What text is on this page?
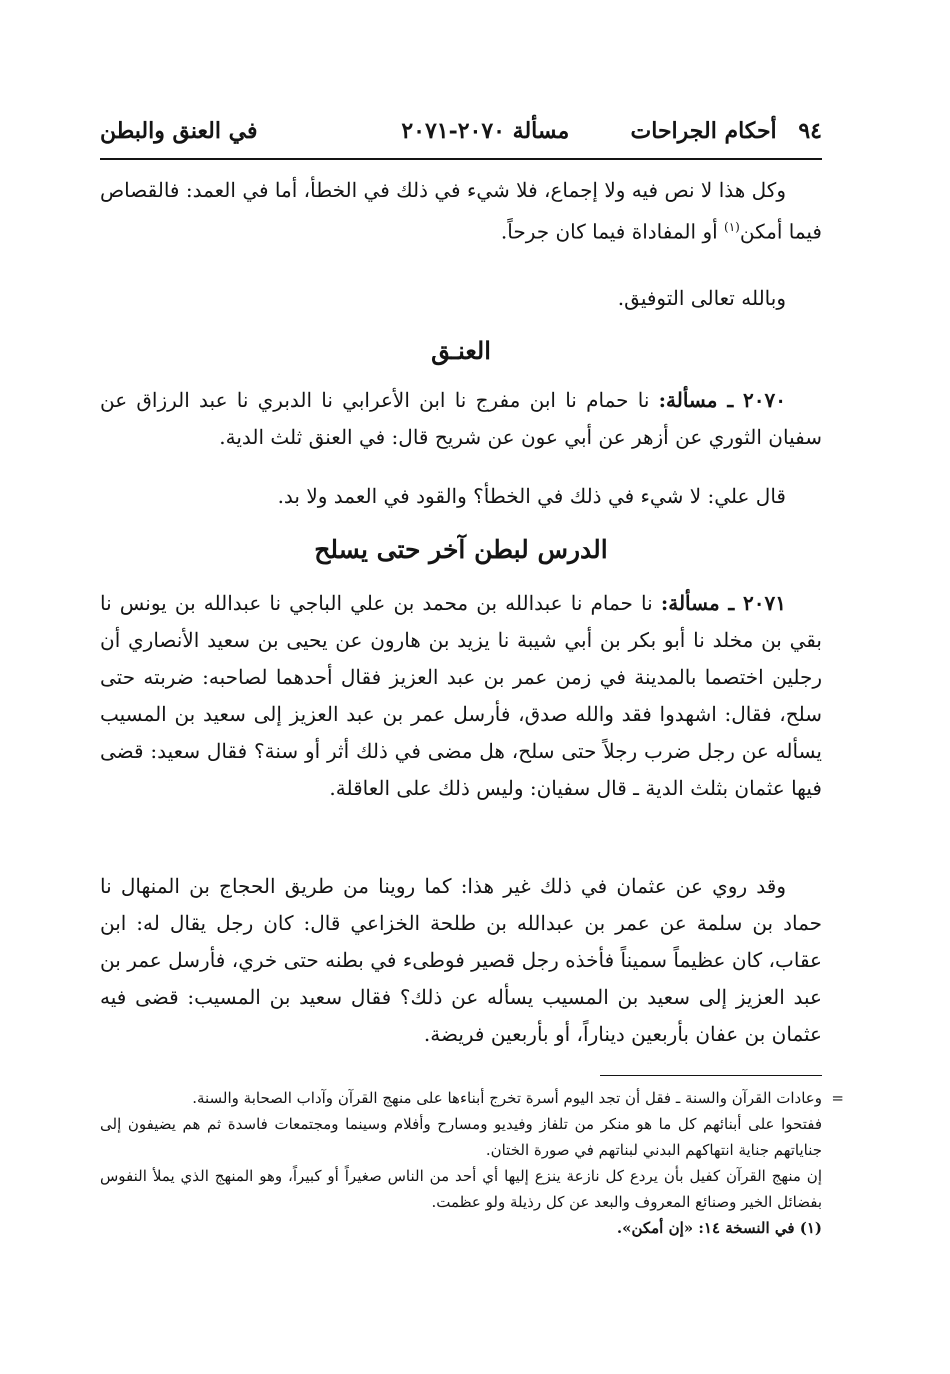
٩٤ أحكام الجراحات        مسألة ٢٠٧٠-٢٠٧١
في العنق والبطن

وكل هذا لا نص فيه ولا إجماع، فلا شيء في ذلك في الخطأ، أما في العمد: فالقصاص فيما أمكن$^{(١)}$ أو المفاداة فيما كان جرحاً.

وبالله تعالى التوفيق.

العنـق

٢٠٧٠ ـ مسألة: نا حمام نا ابن مفرج نا ابن الأعرابي نا الدبري نا عبد الرزاق عن سفيان الثوري عن أزهر عن أبي عون عن شريح قال: في العنق ثلث الدية.

قال علي: لا شيء في ذلك في الخطأ؟ والقود في العمد ولا بد.

الدرس لبطن آخر حتى يسلح

٢٠٧١ ـ مسألة: نا حمام نا عبدالله بن محمد بن علي الباجي نا عبدالله بن يونس نا بقي بن مخلد نا أبو بكر بن أبي شيبة نا يزيد بن هارون عن يحيى بن سعيد الأنصاري أن رجلين اختصما بالمدينة في زمن عمر بن عبد العزيز فقال أحدهما لصاحبه: ضربته حتى سلح، فقال: اشهدوا فقد والله صدق، فأرسل عمر بن عبد العزيز إلى سعيد بن المسيب يسأله عن رجل ضرب رجلاً حتى سلح، هل مضى في ذلك أثر أو سنة؟ فقال سعيد: قضى فيها عثمان بثلث الدية ـ قال سفيان: وليس ذلك على العاقلة.

وقد روي عن عثمان في ذلك غير هذا: كما روينا من طريق الحجاج بن المنهال نا حماد بن سلمة عن عمر بن عبدالله بن طلحة الخزاعي قال: كان رجل يقال له: ابن عقاب، كان عظيماً سميناً فأخذه رجل قصير فوطىء في بطنه حتى خري، فأرسل عمر بن عبد العزيز إلى سعيد بن المسيب يسأله عن ذلك؟ فقال سعيد بن المسيب: قضى فيه عثمان بن عفان بأربعين ديناراً، أو بأربعين فريضة.

=

وعادات القرآن والسنة ـ فقل أن تجد اليوم أسرة تخرج أبناءها على منهج القرآن وآداب الصحابة والسنة.

ففتحوا على أبنائهم كل ما هو منكر من تلفاز وفيديو ومسارح وأفلام وسينما ومجتمعات فاسدة ثم هم يضيفون إلى جناياتهم جناية انتهاكهم البدني لبناتهم في صورة الختان.

إن منهج القرآن كفيل بأن يردع كل نازعة ينزع إليها أي أحد من الناس صغيراً أو كبيراً، وهو المنهج الذي يملأ النفوس بفضائل الخير وصنائع المعروف والبعد عن كل رذيلة ولو عظمت.

(١) في النسخة ١٤: «إن أمكن».
